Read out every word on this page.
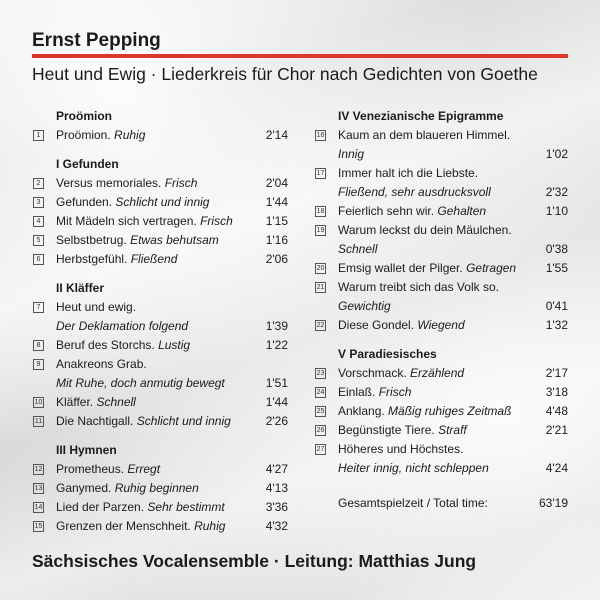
Ernst Pepping
Heut und Ewig · Liederkreis für Chor nach Gedichten von Goethe
Proömion
1 Proömion. Ruhig	2'14
I Gefunden
2 Versus memoriales. Frisch	2'04
3 Gefunden. Schlicht und innig	1'44
4 Mit Mädeln sich vertragen. Frisch	1'15
5 Selbstbetrug. Etwas behutsam	1'16
6 Herbstgefühl. Fließend	2'06
II Kläffer
7 Heut und ewig.
Der Deklamation folgend	1'39
8 Beruf des Storchs. Lustig	1'22
9 Anakreons Grab.
Mit Ruhe, doch anmutig bewegt	1'51
10 Kläffer. Schnell	1'44
11 Die Nachtigall. Schlicht und innig	2'26
III Hymnen
12 Prometheus. Erregt	4'27
13 Ganymed. Ruhig beginnen	4'13
14 Lied der Parzen. Sehr bestimmt	3'36
15 Grenzen der Menschheit. Ruhig	4'32
IV Venezianische Epigramme
16 Kaum an dem blaueren Himmel.
Innig	1'02
17 Immer halt ich die Liebste.
Fließend, sehr ausdrucksvoll	2'32
18 Feierlich sehn wir. Gehalten	1'10
19 Warum leckst du dein Mäulchen.
Schnell	0'38
20 Emsig wallet der Pilger. Getragen 1'55
21 Warum treibt sich das Volk so.
Gewichtig	0'41
22 Diese Gondel. Wiegend	1'32
V Paradiesisches
23 Vorschmack. Erzählend	2'17
24 Einlaß. Frisch	3'18
25 Anklang. Mäßig ruhiges Zeitmaß	4'48
26 Begünstigte Tiere. Straff	2'21
27 Höheres und Höchstes.
Heiter innig, nicht schleppen	4'24
Gesamtspielzeit / Total time:	63'19
Sächsisches Vocalensemble · Leitung: Matthias Jung
